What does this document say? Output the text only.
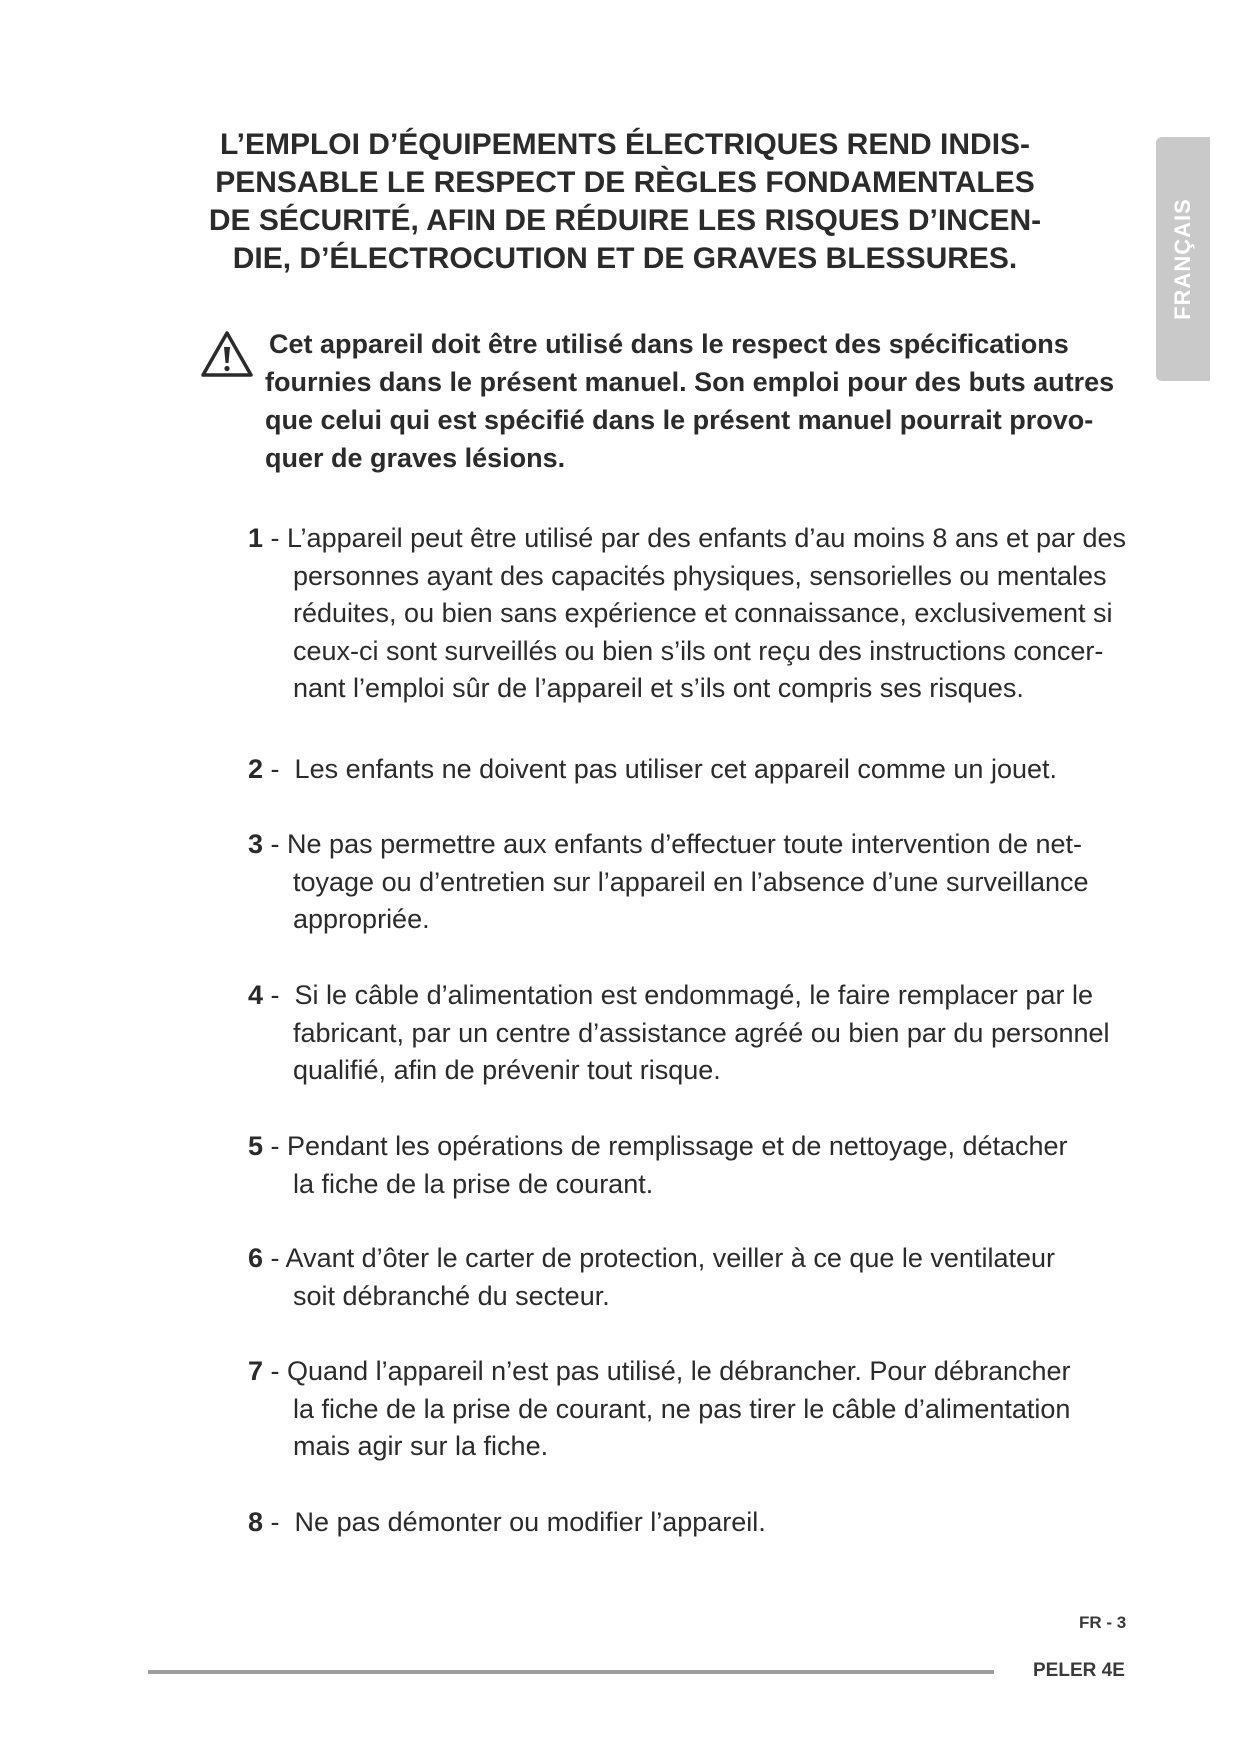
FRANÇAIS
L’EMPLOI D’ÉQUIPEMENTS ÉLECTRIQUES REND INDIS-
PENSABLE LE RESPECT DE RÈGLES FONDAMENTALES
DE SÉCURITÉ, AFIN DE RÉDUIRE LES RISQUES D’INCEN-
DIE, D’ÉLECTROCUTION ET DE GRAVES BLESSURES.

Cet appareil doit être utilisé dans le respect des spécifications
fournies dans le présent manuel. Son emploi pour des buts autres
que celui qui est spécifié dans le présent manuel pourrait provo-
quer de graves lésions.

1 - L’appareil peut être utilisé par des enfants d’au moins 8 ans et par des
personnes ayant des capacités physiques, sensorielles ou mentales
réduites, ou bien sans expérience et connaissance, exclusivement si
ceux-ci sont surveillés ou bien s’ils ont reçu des instructions concer-
nant l’emploi sûr de l’appareil et s’ils ont compris ses risques.
2 -  Les enfants ne doivent pas utiliser cet appareil comme un jouet.
3 - Ne pas permettre aux enfants d’effectuer toute intervention de net-
toyage ou d’entretien sur l’appareil en l’absence d’une surveillance
appropriée.
4 -  Si le câble d’alimentation est endommagé, le faire remplacer par le
fabricant, par un centre d’assistance agréé ou bien par du personnel
qualifié, afin de prévenir tout risque.
5 - Pendant les opérations de remplissage et de nettoyage, détacher
la fiche de la prise de courant.
6 - Avant d’ôter le carter de protection, veiller à ce que le ventilateur
soit débranché du secteur.
7 - Quand l’appareil n’est pas utilisé, le débrancher. Pour débrancher
la fiche de la prise de courant, ne pas tirer le câble d’alimentation
mais agir sur la fiche.
8 -  Ne pas démonter ou modifier l’appareil.
FR - 3
PELER 4E
